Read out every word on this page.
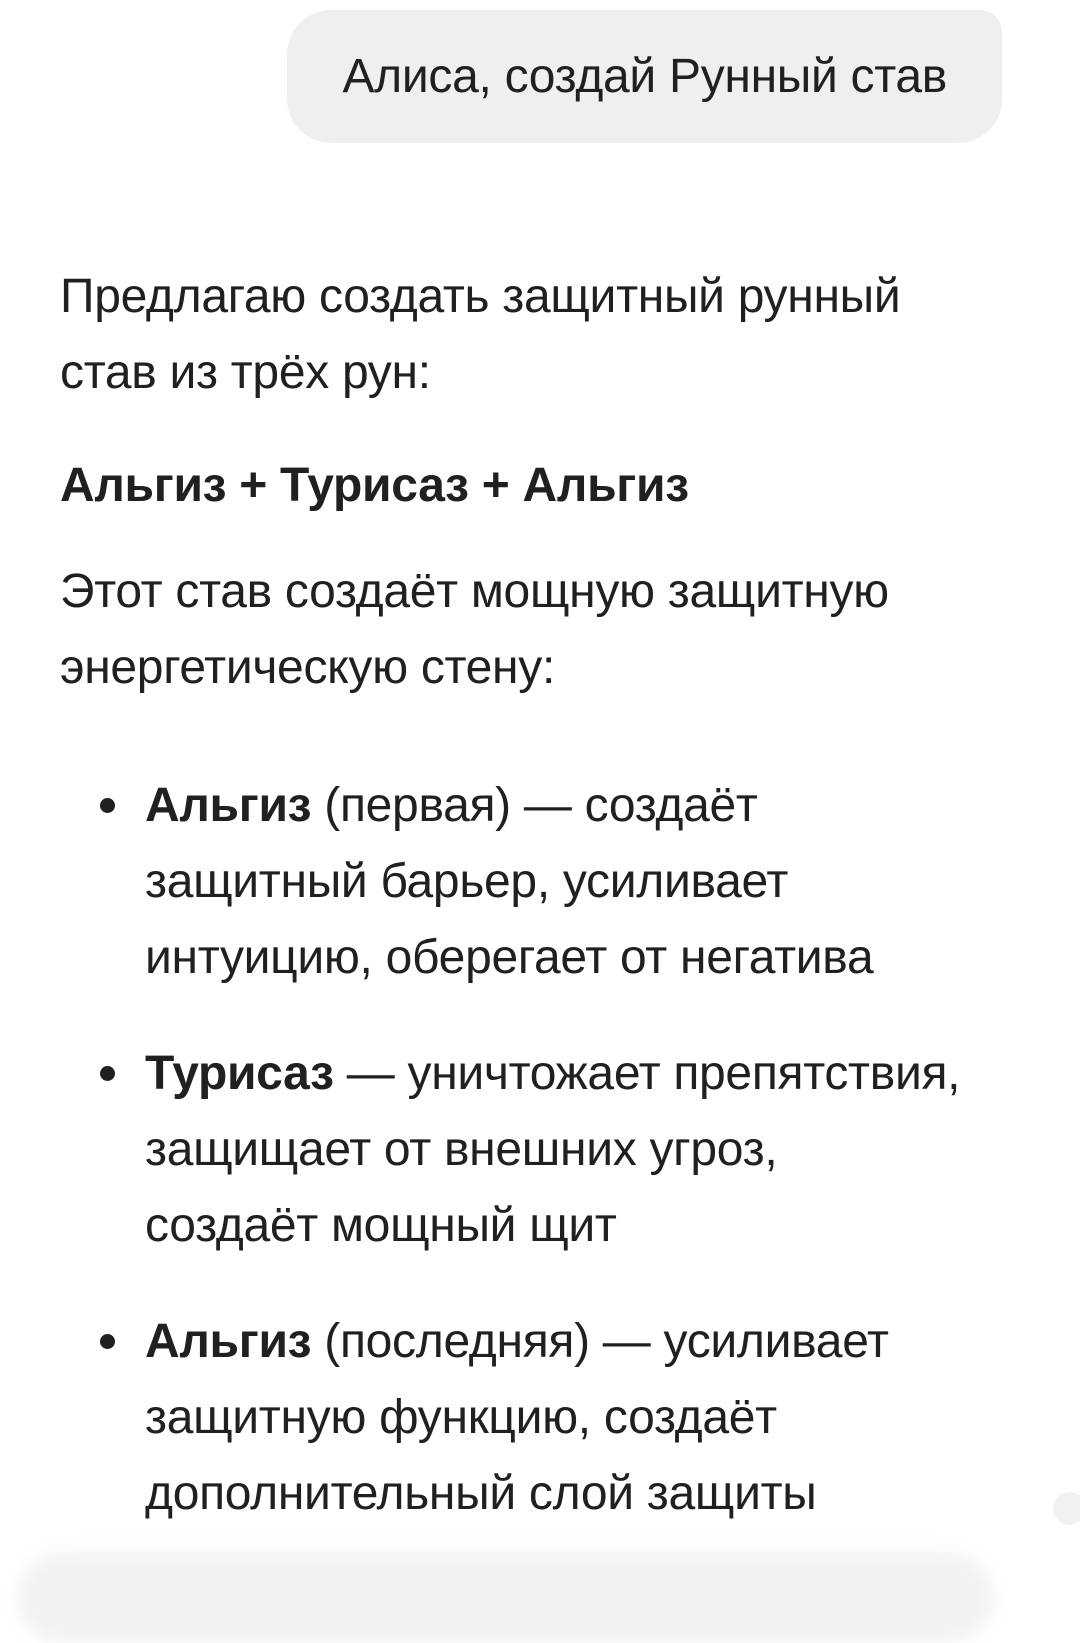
Алиса, создай Рунный став
Предлагаю создать защитный рунный
став из трёх рун:
Альгиз + Турисаз + Альгиз
Этот став создаёт мощную защитную
энергетическую стену:
Альгиз (первая) — создаёт
защитный барьер, усиливает
интуицию, оберегает от негатива
Турисаз — уничтожает препятствия,
защищает от внешних угроз,
создаёт мощный щит
Альгиз (последняя) — усиливает
защитную функцию, создаёт
дополнительный слой защиты
